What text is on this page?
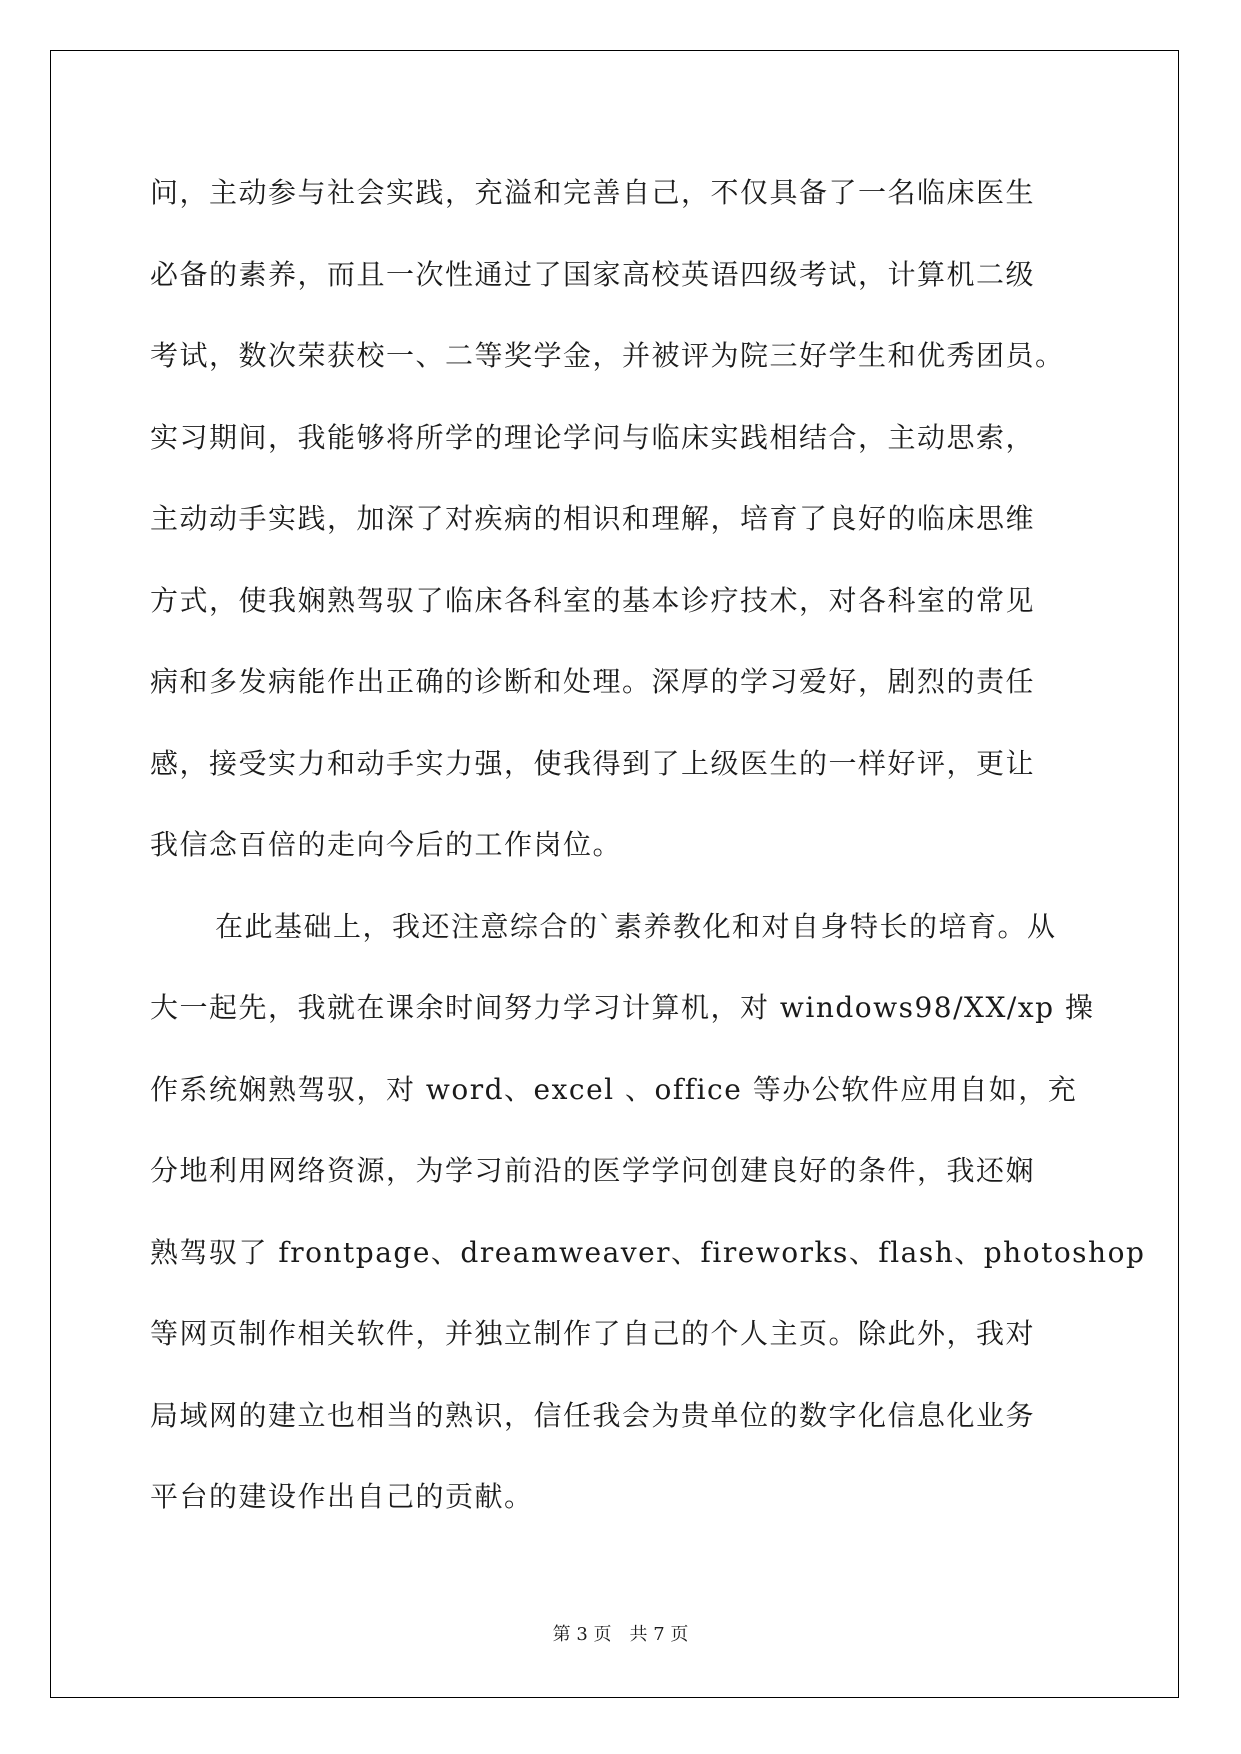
问，主动参与社会实践，充溢和完善自己，不仅具备了一名临床医生
必备的素养，而且一次性通过了国家高校英语四级考试，计算机二级
考试，数次荣获校一、二等奖学金，并被评为院三好学生和优秀团员。
实习期间，我能够将所学的理论学问与临床实践相结合，主动思索，
主动动手实践，加深了对疾病的相识和理解，培育了良好的临床思维
方式，使我娴熟驾驭了临床各科室的基本诊疗技术，对各科室的常见
病和多发病能作出正确的诊断和处理。深厚的学习爱好，剧烈的责任
感，接受实力和动手实力强，使我得到了上级医生的一样好评，更让
我信念百倍的走向今后的工作岗位。
在此基础上，我还注意综合的`素养教化和对自身特长的培育。从
大一起先，我就在课余时间努力学习计算机，对 windows98/XX/xp 操
作系统娴熟驾驭，对 word、excel 、office 等办公软件应用自如，充
分地利用网络资源，为学习前沿的医学学问创建良好的条件，我还娴
熟驾驭了 frontpage、dreamweaver、fireworks、flash、photoshop
等网页制作相关软件，并独立制作了自己的个人主页。除此外，我对
局域网的建立也相当的熟识，信任我会为贵单位的数字化信息化业务
平台的建设作出自己的贡献。
第 3 页 共 7 页
